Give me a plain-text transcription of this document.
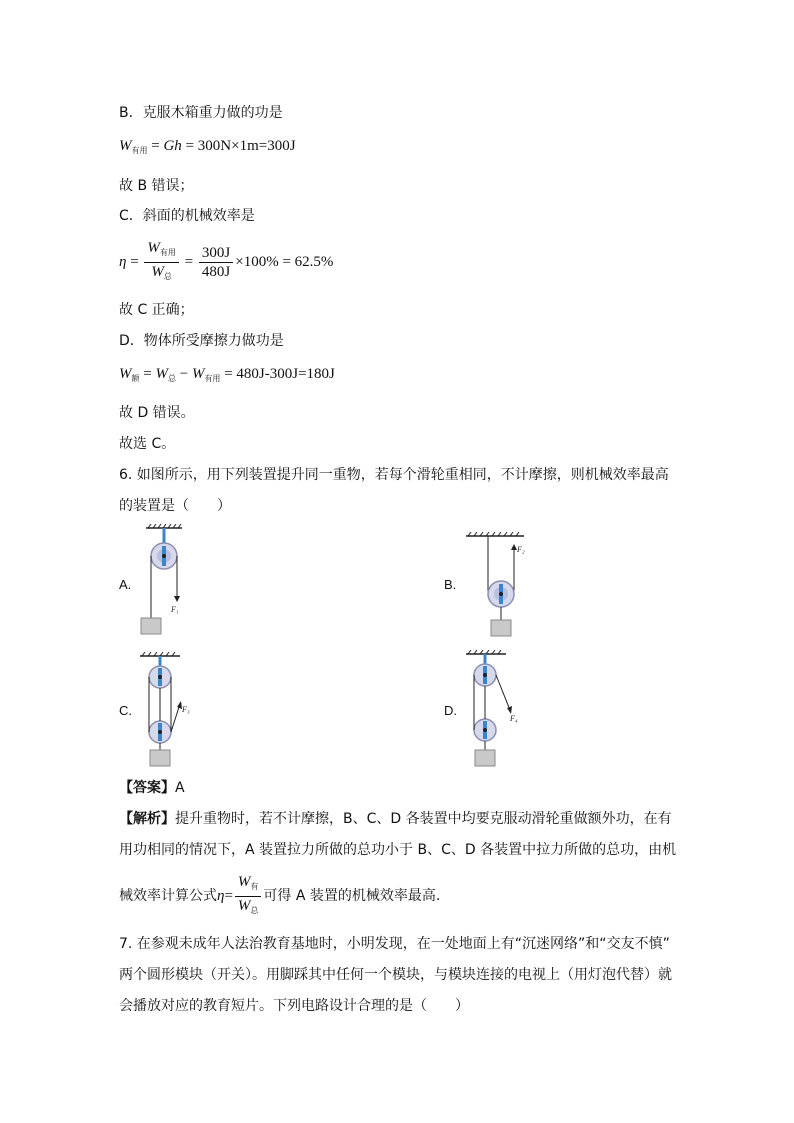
B．克服木箱重力做的功是
$W_{有用} = Gh = 300N\times 1m=300J$
故 B 错误；
C．斜面的机械效率是
$\eta = \frac{W_{有用}}{W_总} = \frac{300J}{480J} \times 100\% = 62.5\%$
故 C 正确；
D．物体所受摩擦力做功是
$W_额 = W_总 - W_{有用} = 480J-300J=180J$
故 D 错误。
故选 C。
6. 如图所示，用下列装置提升同一重物，若每个滑轮重相同，不计摩擦，则机械效率最高
的装置是（　　）
A.	B.
C.	D.
F₁
F₂
F₃
F₄
【答案】A
【解析】提升重物时，若不计摩擦，B、C、D 各装置中均要克服动滑轮重做额外功，在有
用功相同的情况下，A 装置拉力所做的总功小于 B、C、D 各装置中拉力所做的总功，由机
械效率计算公式$\eta= \frac{W_有}{W_总}$ 可得 A 装置的机械效率最高.
7. 在参观未成年人法治教育基地时，小明发现，在一处地面上有“沉迷网络”和“交友不慎”
两个圆形模块（开关）。用脚踩其中任何一个模块，与模块连接的电视上（用灯泡代替）就
会播放对应的教育短片。下列电路设计合理的是（　　）
